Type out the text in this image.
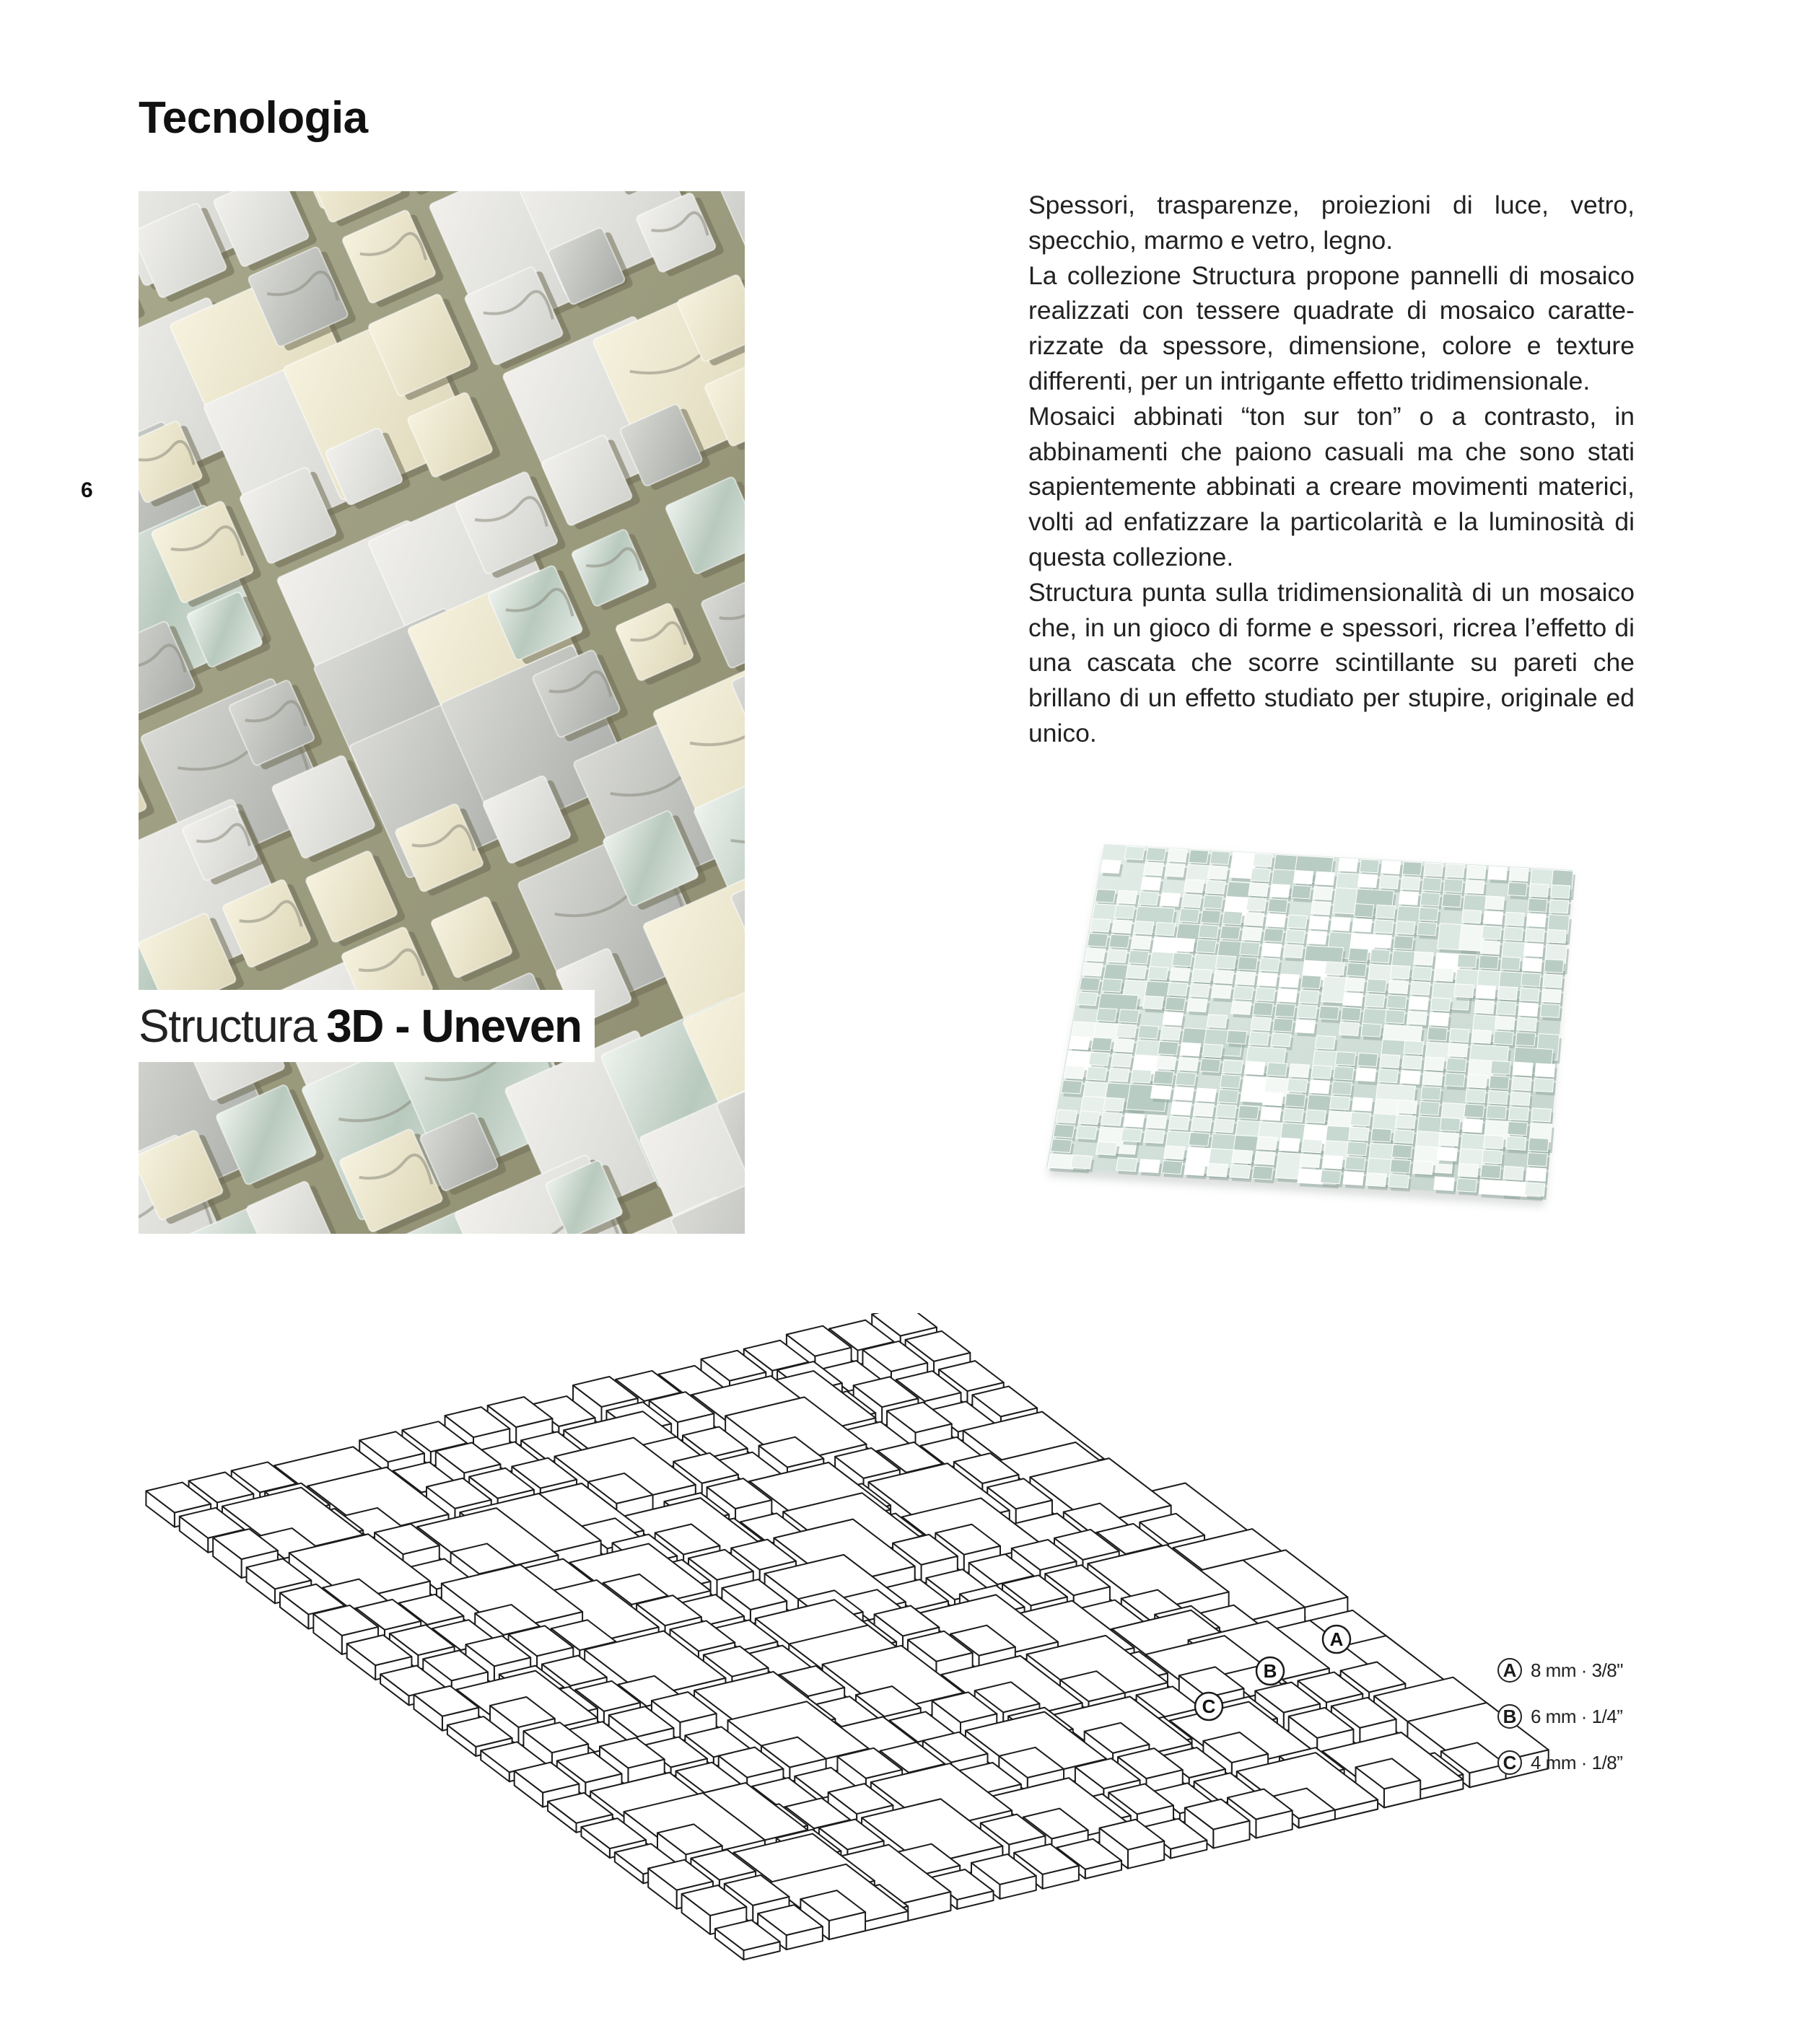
Tecnologia
6
Structura 3D - Uneven

Spessori, trasparenze, proiezioni di luce, vetro, specchio, marmo e vetro, legno.

La collezione Structura propone pannelli di mosaico realizzati con tessere quadrate di mosaico caratterizzate da spessore, dimensione, colore e texture differenti, per un intrigante effetto tridimensionale.

Mosaici abbinati “ton sur ton” o a contrasto, in abbinamenti che paiono casuali ma che sono stati sapientemente abbinati a creare movimenti materici, volti ad enfatizzare la particolarità e la luminosità di questa collezione.

Structura punta sulla tridimensionalità di un mosaico che, in un gioco di forme e spessori, ricrea l’effetto di una cascata che scorre scintillante su pareti che brillano di un effetto studiato per stupire, originale ed unico.

A
B
C
A 8 mm · 3/8"
B 6 mm · 1/4”
C 4 mm · 1/8”
